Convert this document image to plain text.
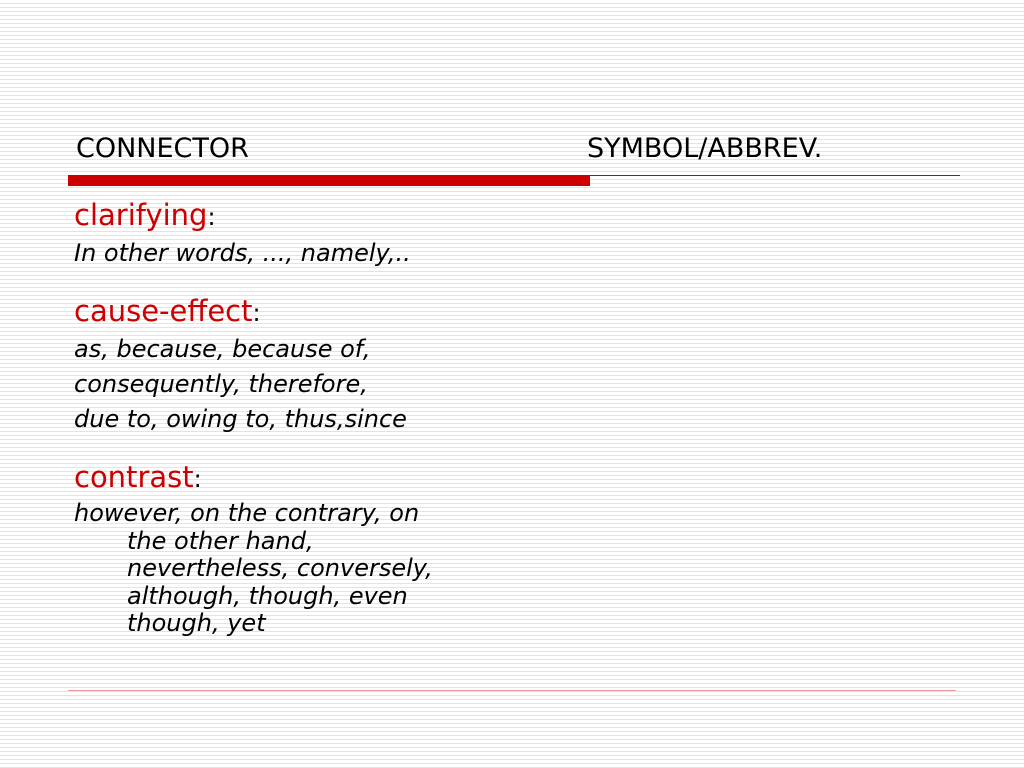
CONNECTOR	SYMBOL/ABBREV.
clarifying:
In other words, ..., namely,..
cause-effect:
as, because, because of,
consequently, therefore,
due to, owing to, thus,since
contrast:
however, on the contrary, on
the other hand,
nevertheless, conversely,
although, though, even
though, yet
